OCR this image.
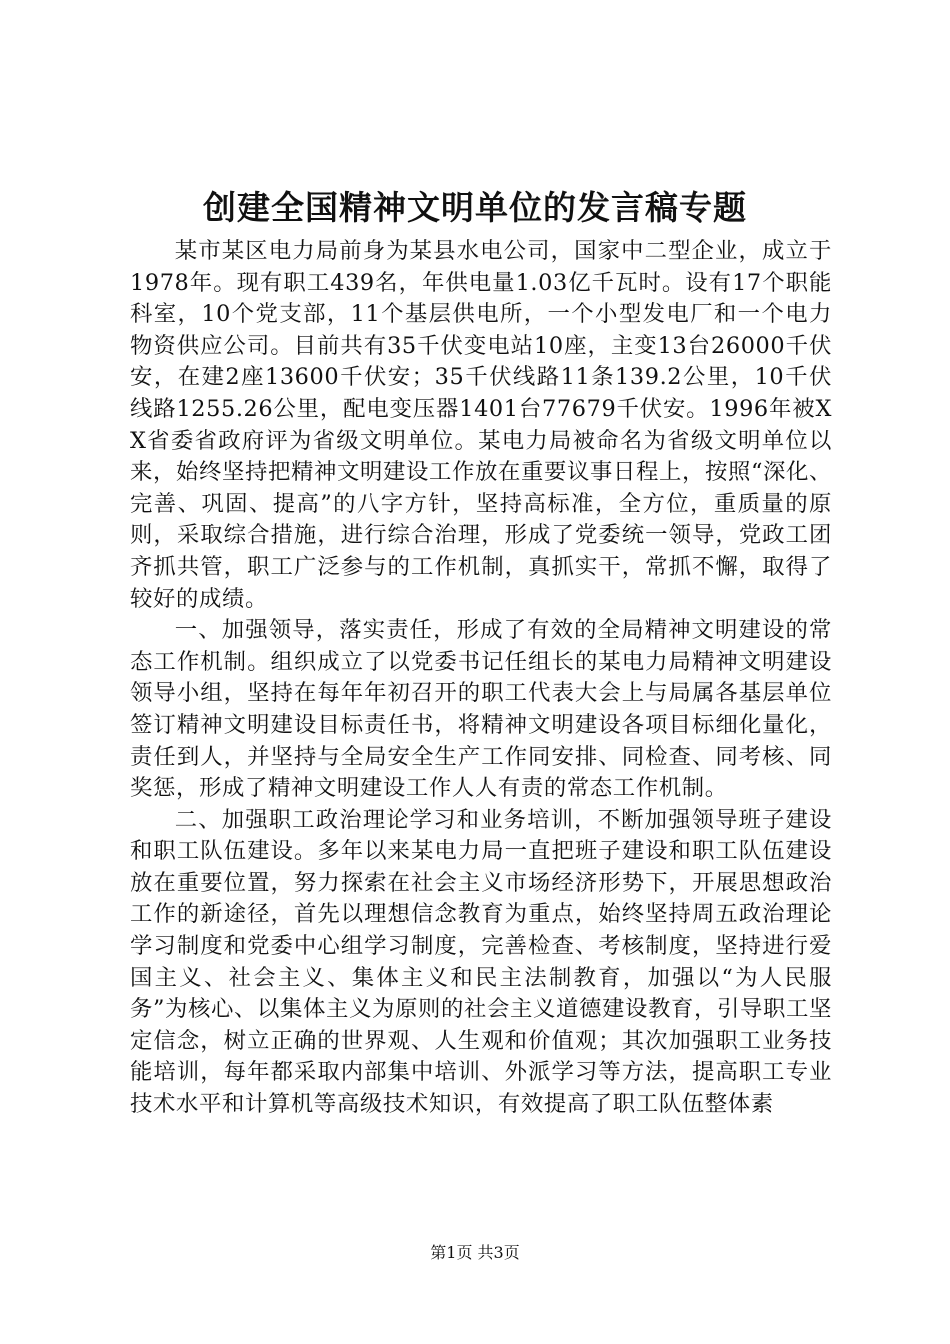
创建全国精神文明单位的发言稿专题

某市某区电力局前身为某县水电公司，国家中二型企业，成立于1978年。现有职工439名，年供电量1.03亿千瓦时。设有17个职能科室，10个党支部，11个基层供电所，一个小型发电厂和一个电力物资供应公司。目前共有35千伏变电站10座，主变13台26000千伏安，在建2座13600千伏安；35千伏线路11条139.2公里，10千伏线路1255.26公里，配电变压器1401台77679千伏安。1996年被XX省委省政府评为省级文明单位。某电力局被命名为省级文明单位以来，始终坚持把精神文明建设工作放在重要议事日程上，按照“深化、完善、巩固、提高”的八字方针，坚持高标准，全方位，重质量的原则，采取综合措施，进行综合治理，形成了党委统一领导，党政工团齐抓共管，职工广泛参与的工作机制，真抓实干，常抓不懈，取得了较好的成绩。

一、加强领导，落实责任，形成了有效的全局精神文明建设的常态工作机制。组织成立了以党委书记任组长的某电力局精神文明建设领导小组，坚持在每年年初召开的职工代表大会上与局属各基层单位签订精神文明建设目标责任书，将精神文明建设各项目标细化量化，责任到人，并坚持与全局安全生产工作同安排、同检查、同考核、同奖惩，形成了精神文明建设工作人人有责的常态工作机制。

二、加强职工政治理论学习和业务培训，不断加强领导班子建设和职工队伍建设。多年以来某电力局一直把班子建设和职工队伍建设放在重要位置，努力探索在社会主义市场经济形势下，开展思想政治工作的新途径，首先以理想信念教育为重点，始终坚持周五政治理论学习制度和党委中心组学习制度，完善检查、考核制度，坚持进行爱国主义、社会主义、集体主义和民主法制教育，加强以“为人民服务”为核心、以集体主义为原则的社会主义道德建设教育，引导职工坚定信念，树立正确的世界观、人生观和价值观；其次加强职工业务技能培训，每年都采取内部集中培训、外派学习等方法，提高职工专业技术水平和计算机等高级技术知识，有效提高了职工队伍整体素

第1页 共3页
